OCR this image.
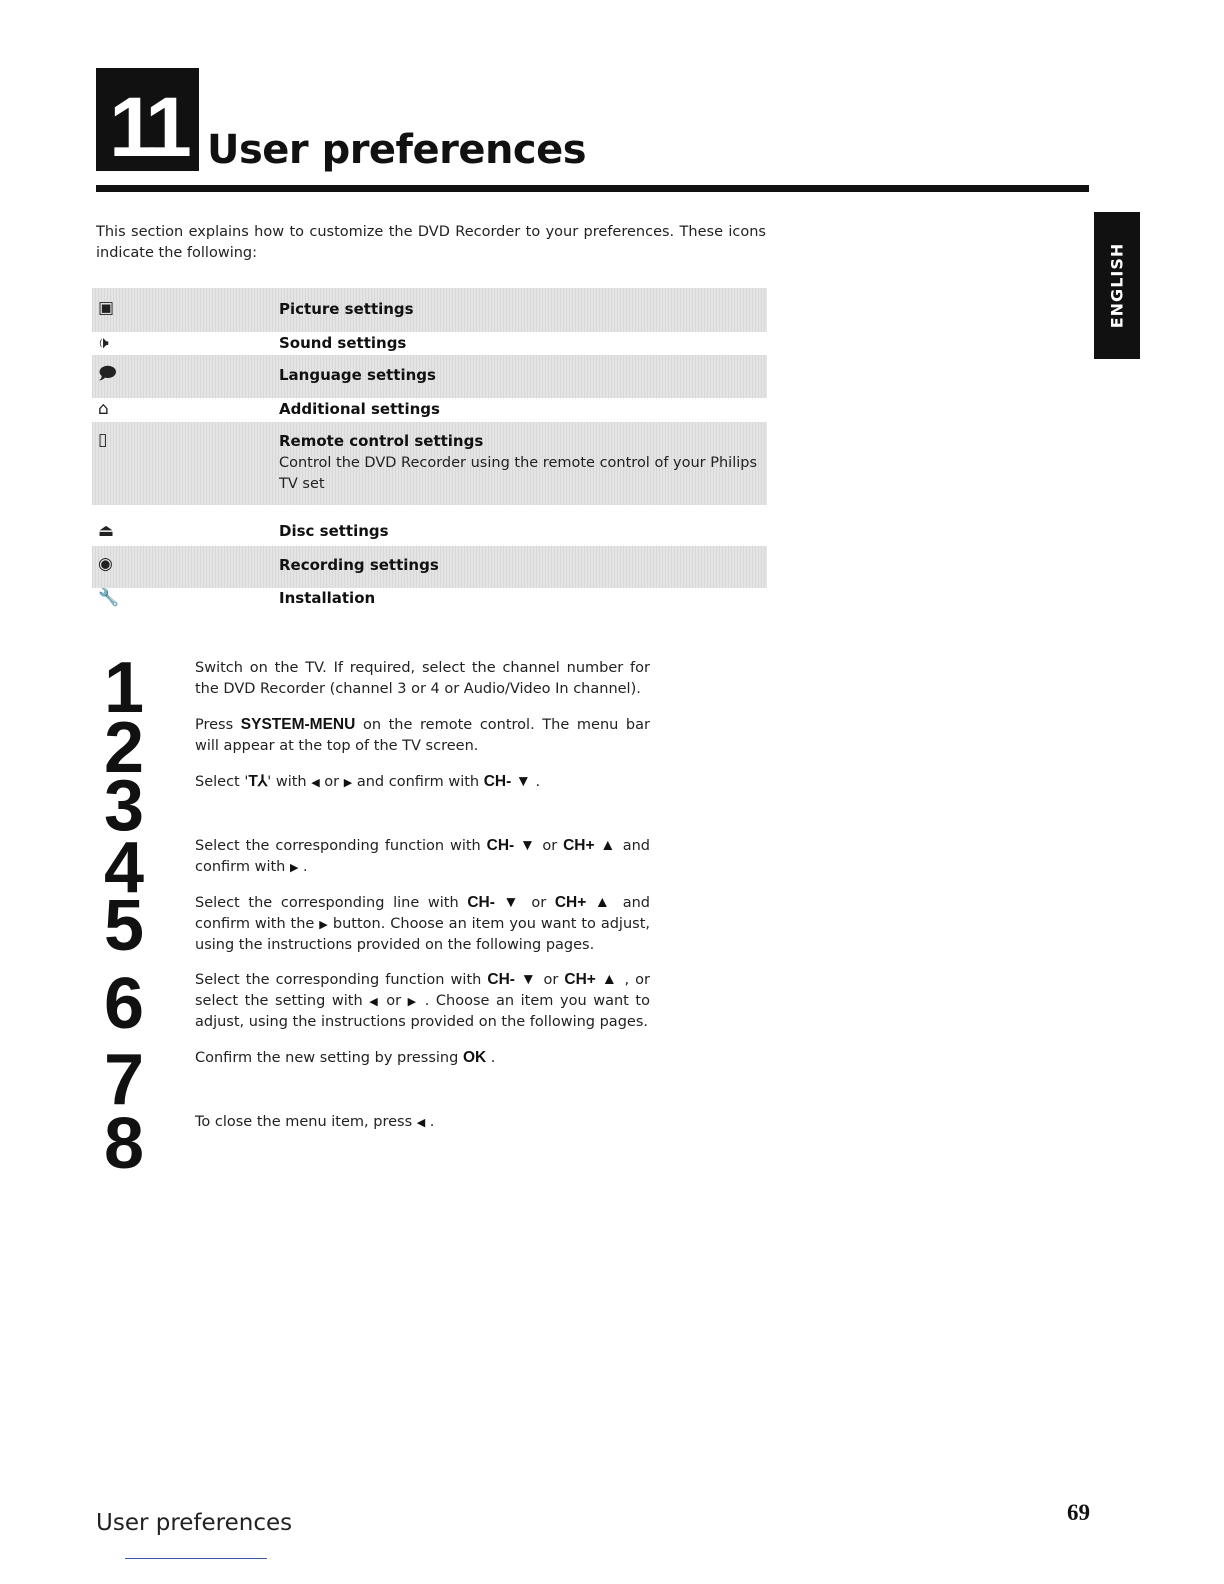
11 User preferences
ENGLISH
This section explains how to customize the DVD Recorder to your preferences. These icons indicate the following:
▣	Picture settings
🕩	Sound settings
🗩	Language settings
⌂	Additional settings
▯	Remote control settings
Control the DVD Recorder using the remote control of your Philips TV set
⏏	Disc settings
◉	Recording settings
🔧	Installation
1	Switch on the TV. If required, select the channel number for the DVD Recorder (channel 3 or 4 or Audio/Video In channel).
2	Press SYSTEM-MENU on the remote control. The menu bar will appear at the top of the TV screen.
3	Select 'T⅄' with ◀ or ▶ and confirm with CH- ▼ .
4	Select the corresponding function with CH- ▼ or CH+ ▲ and confirm with ▶ .
5	Select the corresponding line with CH- ▼ or CH+ ▲ and confirm with the ▶ button. Choose an item you want to adjust, using the instructions provided on the following pages.
6	Select the corresponding function with CH- ▼ or CH+ ▲ , or select the setting with ◀ or ▶ . Choose an item you want to adjust, using the instructions provided on the following pages.
7	Confirm the new setting by pressing OK .
8	To close the menu item, press ◀ .
User preferences	69
